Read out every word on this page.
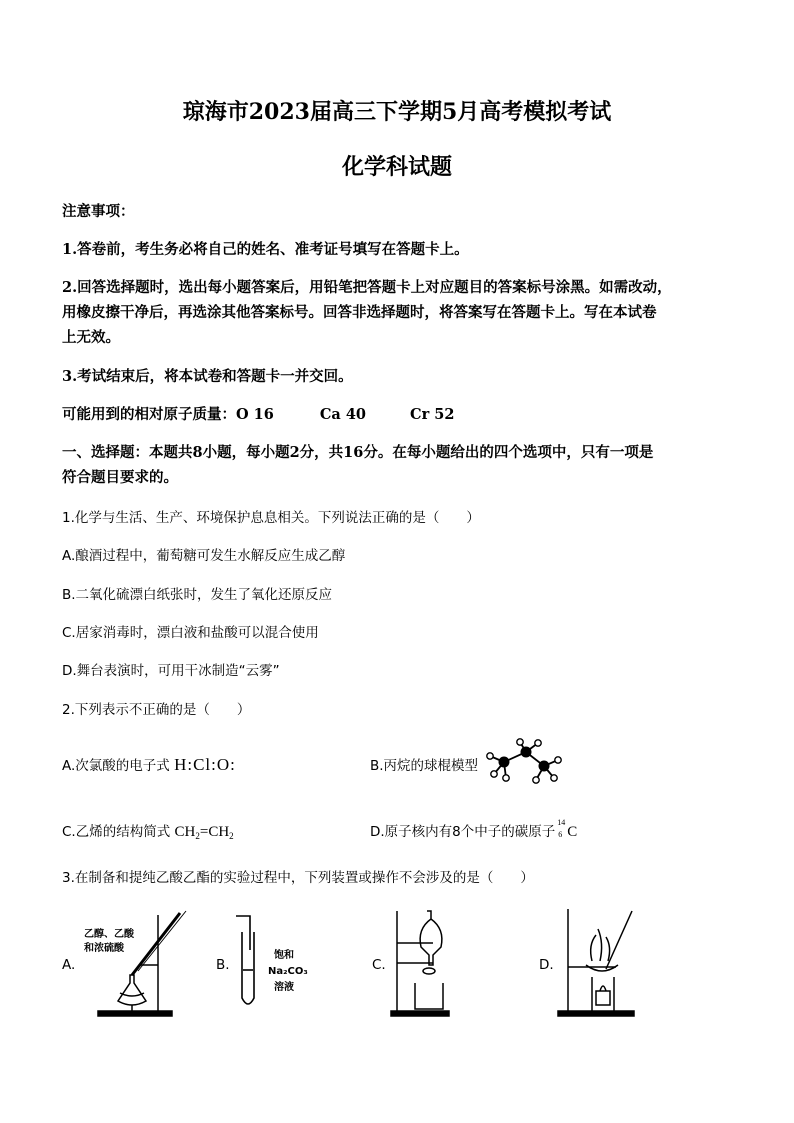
琼海市2023届高三下学期5月高考模拟考试
化学科试题
注意事项：
1.答卷前，考生务必将自己的姓名、准考证号填写在答题卡上。
2.回答选择题时，选出每小题答案后，用铅笔把答题卡上对应题目的答案标号涂黑。如需改动，
用橡皮擦干净后，再选涂其他答案标号。回答非选择题时，将答案写在答题卡上。写在本试卷
上无效。
3.考试结束后，将本试卷和答题卡一并交回。
可能用到的相对原子质量：O 16	Ca 40	Cr 52
一、选择题：本题共8小题，每小题2分，共16分。在每小题给出的四个选项中，只有一项是
符合题目要求的。
1.化学与生活、生产、环境保护息息相关。下列说法正确的是（　　）
A.酿酒过程中，葡萄糖可发生水解反应生成乙醇
B.二氧化硫漂白纸张时，发生了氧化还原反应
C.居家消毒时，漂白液和盐酸可以混合使用
D.舞台表演时，可用干冰制造“云雾”
2.下列表示不正确的是（　　）
A.次氯酸的电子式 H:Cl:O:	B.丙烷的球棍模型
C.乙烯的结构简式 $CH_2=CH_2$	D.原子核内有8个中子的碳原子
14
6 C
3.在制备和提纯乙酸乙酯的实验过程中，下列装置或操作不会涉及的是（　　）
A.
乙醇、乙酸
和浓硫酸
B.
饱和
Na₂CO₃
溶液
C.	D.
